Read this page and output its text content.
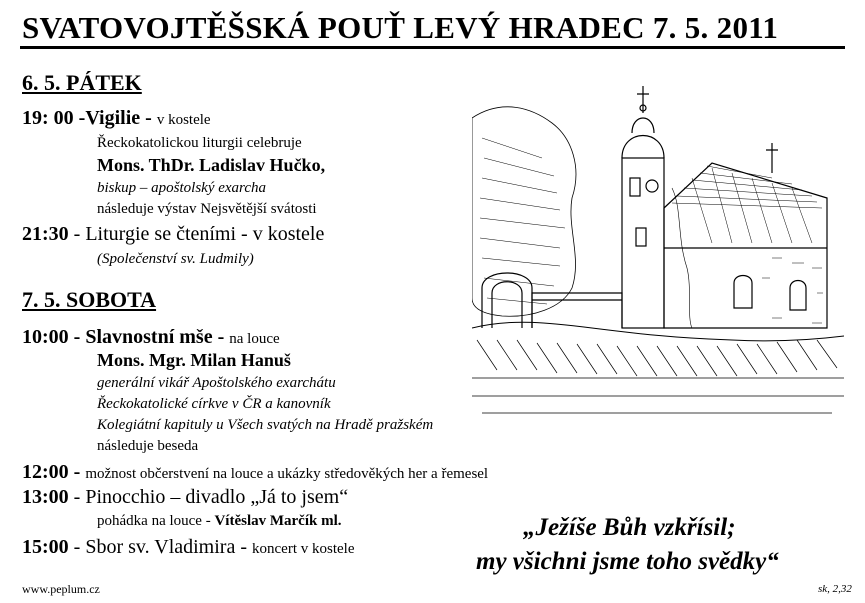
SVATOVOJTĚŠSKÁ POUŤ LEVÝ HRADEC 7. 5. 2011
6. 5. PÁTEK
19: 00 -Vigilie - v kostele
Řeckokatolickou liturgii celebruje
Mons. ThDr. Ladislav Hučko,
biskup – apoštolský exarcha
následuje výstav Nejsvětější svátosti
21:30 - Liturgie se čteními - v kostele
(Společenství sv. Ludmily)
7. 5. SOBOTA
10:00 - Slavnostní mše - na louce
Mons. Mgr. Milan Hanuš
generální vikář Apoštolského exarchátu
Řeckokatolické církve v ČR a kanovník
Kolegiátní kapituly u Všech svatých na Hradě pražském
následuje beseda
12:00 - možnost občerstvení na louce a ukázky středověkých her a řemesel
13:00 - Pinocchio – divadlo „Já to jsem“
pohádka na louce - Vítěslav Marčík ml.
15:00 - Sbor sv. Vladimira - koncert v kostele
„Ježíše Bůh vzkřísil;
my všichni jsme toho svědky“
www.peplum.cz	sk, 2,32
